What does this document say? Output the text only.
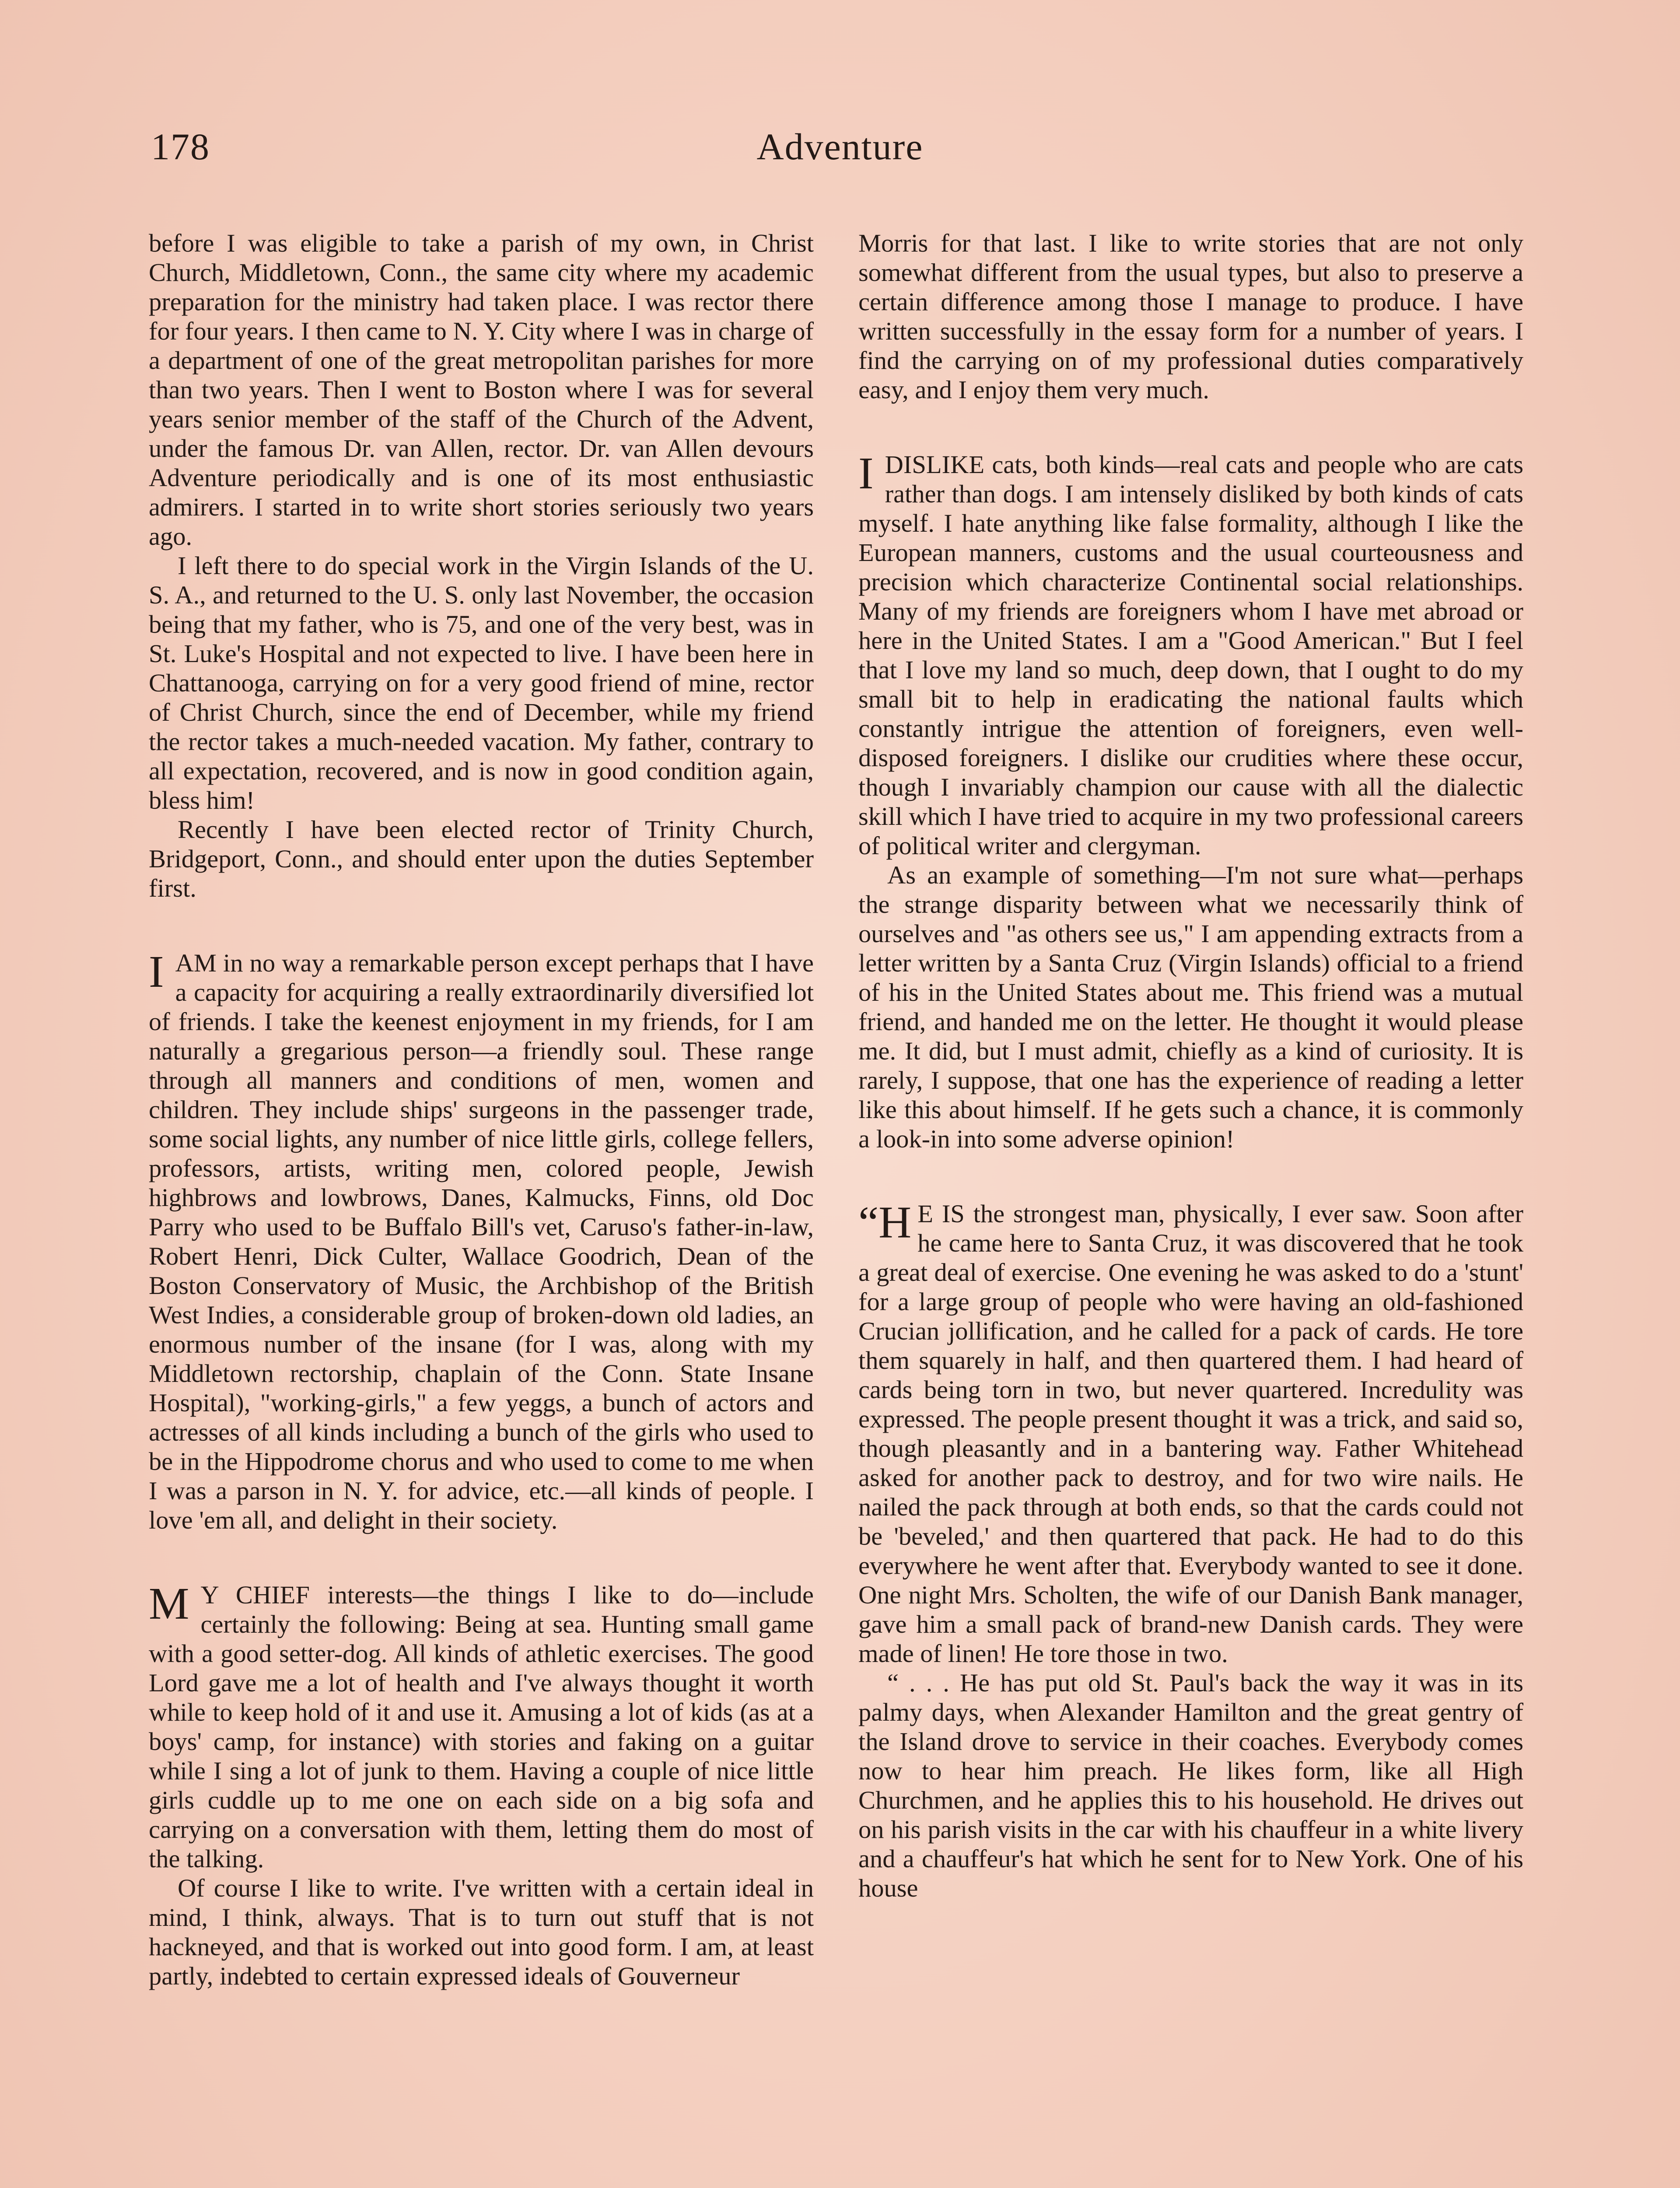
178	Adventure

before I was eligible to take a parish of my own, in Christ Church, Middletown, Conn., the same city where my academic preparation for the ministry had taken place. I was rector there for four years. I then came to N. Y. City where I was in charge of a department of one of the great metropolitan parishes for more than two years. Then I went to Boston where I was for several years senior member of the staff of the Church of the Advent, under the famous Dr. van Allen, rector. Dr. van Allen devours Adventure periodically and is one of its most enthusiastic admirers. I started in to write short stories seriously two years ago.

I left there to do special work in the Virgin Islands of the U. S. A., and returned to the U. S. only last November, the occasion being that my father, who is 75, and one of the very best, was in St. Luke's Hospital and not expected to live. I have been here in Chattanooga, carrying on for a very good friend of mine, rector of Christ Church, since the end of December, while my friend the rector takes a much-needed vacation. My father, contrary to all expectation, recovered, and is now in good condition again, bless him!

Recently I have been elected rector of Trinity Church, Bridgeport, Conn., and should enter upon the duties September first.

IAM in no way a remarkable person except perhaps that I have a capacity for acquiring a really extraordinarily diversified lot of friends. I take the keenest enjoyment in my friends, for I am naturally a gregarious person—a friendly soul. These range through all manners and conditions of men, women and children. They include ships' surgeons in the passenger trade, some social lights, any number of nice little girls, college fellers, professors, artists, writing men, colored people, Jewish highbrows and lowbrows, Danes, Kalmucks, Finns, old Doc Parry who used to be Buffalo Bill's vet, Caruso's father-in-law, Robert Henri, Dick Culter, Wallace Goodrich, Dean of the Boston Conservatory of Music, the Archbishop of the British West Indies, a considerable group of broken-down old ladies, an enormous number of the insane (for I was, along with my Middletown rectorship, chaplain of the Conn. State Insane Hospital), "working-girls," a few yeggs, a bunch of actors and actresses of all kinds including a bunch of the girls who used to be in the Hippodrome chorus and who used to come to me when I was a parson in N. Y. for advice, etc.—all kinds of people. I love 'em all, and delight in their society.

M Y CHIEF interests—the things I like to do—include certainly the following: Being at sea. Hunting small game with a good setter-dog. All kinds of athletic exercises. The good Lord gave me a lot of health and I've always thought it worth while to keep hold of it and use it. Amusing a lot of kids (as at a boys' camp, for instance) with stories and faking on a guitar while I sing a lot of junk to them. Having a couple of nice little girls cuddle up to me one on each side on a big sofa and carrying on a conversation with them, letting them do most of the talking.

Of course I like to write. I've written with a certain ideal in mind, I think, always. That is to turn out stuff that is not hackneyed, and that is worked out into good form. I am, at least partly, indebted to certain expressed ideals of Gouverneur

Morris for that last. I like to write stories that are not only somewhat different from the usual types, but also to preserve a certain difference among those I manage to produce. I have written successfully in the essay form for a number of years. I find the carrying on of my professional duties comparatively easy, and I enjoy them very much.

IDISLIKE cats, both kinds—real cats and people who are cats rather than dogs. I am intensely disliked by both kinds of cats myself. I hate anything like false formality, although I like the European manners, customs and the usual courteousness and precision which characterize Continental social relationships. Many of my friends are foreigners whom I have met abroad or here in the United States. I am a "Good American." But I feel that I love my land so much, deep down, that I ought to do my small bit to help in eradicating the national faults which constantly intrigue the attention of foreigners, even well-disposed foreigners. I dislike our crudities where these occur, though I invariably champion our cause with all the dialectic skill which I have tried to acquire in my two professional careers of political writer and clergyman.

As an example of something—I'm not sure what—perhaps the strange disparity between what we necessarily think of ourselves and "as others see us," I am appending extracts from a letter written by a Santa Cruz (Virgin Islands) official to a friend of his in the United States about me. This friend was a mutual friend, and handed me on the letter. He thought it would please me. It did, but I must admit, chiefly as a kind of curiosity. It is rarely, I suppose, that one has the experience of reading a letter like this about himself. If he gets such a chance, it is commonly a look-in into some adverse opinion!

“H E IS the strongest man, physically, I ever saw. Soon after he came here to Santa Cruz, it was discovered that he took a great deal of exercise. One evening he was asked to do a 'stunt' for a large group of people who were having an old-fashioned Crucian jollification, and he called for a pack of cards. He tore them squarely in half, and then quartered them. I had heard of cards being torn in two, but never quartered. Incredulity was expressed. The people present thought it was a trick, and said so, though pleasantly and in a bantering way. Father Whitehead asked for another pack to destroy, and for two wire nails. He nailed the pack through at both ends, so that the cards could not be 'beveled,' and then quartered that pack. He had to do this everywhere he went after that. Everybody wanted to see it done. One night Mrs. Scholten, the wife of our Danish Bank manager, gave him a small pack of brand-new Danish cards. They were made of linen! He tore those in two.

“ . . . He has put old St. Paul's back the way it was in its palmy days, when Alexander Hamilton and the great gentry of the Island drove to service in their coaches. Everybody comes now to hear him preach. He likes form, like all High Churchmen, and he applies this to his household. He drives out on his parish visits in the car with his chauffeur in a white livery and a chauffeur's hat which he sent for to New York. One of his house
